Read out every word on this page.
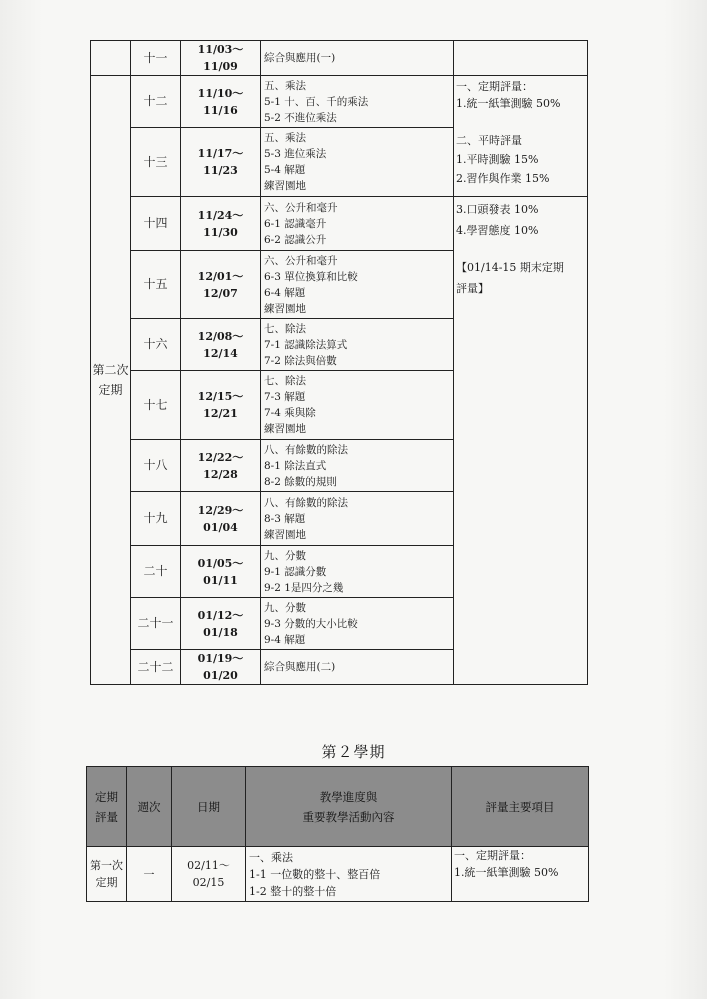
	十一	11/03～11/09	綜合與應用(一)	

第二次
定期	十二	11/10～11/16	五、乘法
5-1 十、百、千的乘法
5-2 不進位乘法	一、定期評量：
1.統一紙筆測驗 50%
二、平時評量
1.平時測驗 15%
2.習作與作業 15%

	十三	11/17～11/23	五、乘法
5-3 進位乘法
5-4 解題
練習園地	

	十四	11/24～11/30	六、公升和毫升
6-1 認識毫升
6-2 認識公升	3.口頭發表 10%
4.學習態度 10%
【01/14-15 期末定期
評量】

	十五	12/01～12/07	六、公升和毫升
6-3 單位換算和比較
6-4 解題
練習園地	

	十六	12/08～12/14	七、除法
7-1 認識除法算式
7-2 除法與倍數	

	十七	12/15～12/21	七、除法
7-3 解題
7-4 乘與除
練習園地	

	十八	12/22～12/28	八、有餘數的除法
8-1 除法直式
8-2 餘數的規則	

	十九	12/29～01/04	八、有餘數的除法
8-3 解題
練習園地	

	二十	01/05～01/11	九、分數
9-1 認識分數
9-2 1是四分之幾	

	二十一	01/12～01/18	九、分數
9-3 分數的大小比較
9-4 解題	

	二十二	01/19～01/20	綜合與應用(二)	
第２學期
定期
評量	週次	日期	教學進度與
重要教學活動內容	評量主要項目

第一次
定期	一	02/11～02/15	一、乘法
1-1 一位數的整十、整百倍
1-2 整十的整十倍	一、定期評量：
1.統一紙筆測驗 50%
